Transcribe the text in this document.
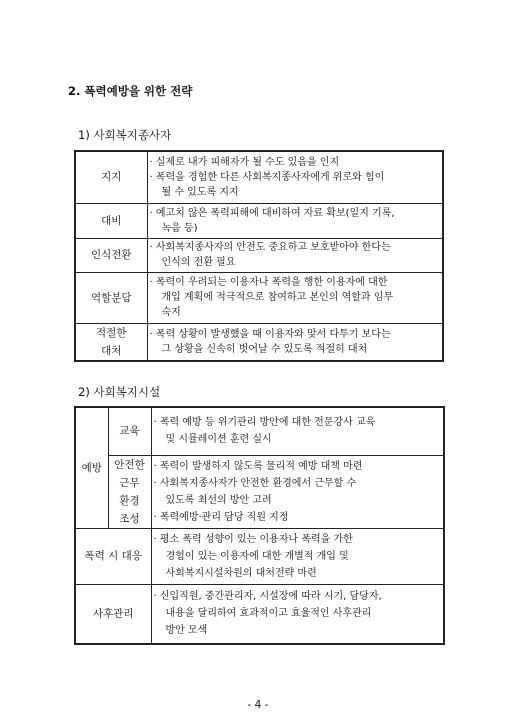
2. 폭력예방을 위한 전략
1) 사회복지종사자
지지	· 실제로 내가 피해자가 될 수도 있음을 인지
· 폭력을 경험한 다른 사회복지종사자에게 위로와 힘이
될 수 있도록 지지

대비	· 예고치 않은 폭력피해에 대비하여 자료 확보(일지 기록,
녹음 등)

인식전환	· 사회복지종사자의 안전도 중요하고 보호받아야 한다는
인식의 전환 필요

역할분담	· 폭력이 우려되는 이용자나 폭력을 행한 이용자에 대한
개입 계획에 적극적으로 참여하고 본인의 역할과 임무
숙지

적절한
대처	· 폭력 상황이 발생했을 때 이용자와 맞서 다투기 보다는
그 상황을 신속히 벗어날 수 있도록 적절히 대처
2) 사회복지시설
예방	교육	· 폭력 예방 등 위기관리 방안에 대한 전문강사 교육
및 시뮬레이션 훈련 실시

	안전한
근무
환경
조성	· 폭력이 발생하지 않도록 물리적 예방 대책 마련
· 사회복지종사자가 안전한 환경에서 근무할 수
있도록 최선의 방안 고려
· 폭력예방·관리 담당 직원 지정

폭력 시 대응		· 평소 폭력 성향이 있는 이용자나 폭력을 가한
경험이 있는 이용자에 대한 개별적 개입 및
사회복지시설차원의 대처전략 마련

사후관리		· 신입직원, 중간관리자, 시설장에 따라 시기, 담당자,
내용을 달리하여 효과적이고 효율적인 사후관리
방안 모색
- 4 -
